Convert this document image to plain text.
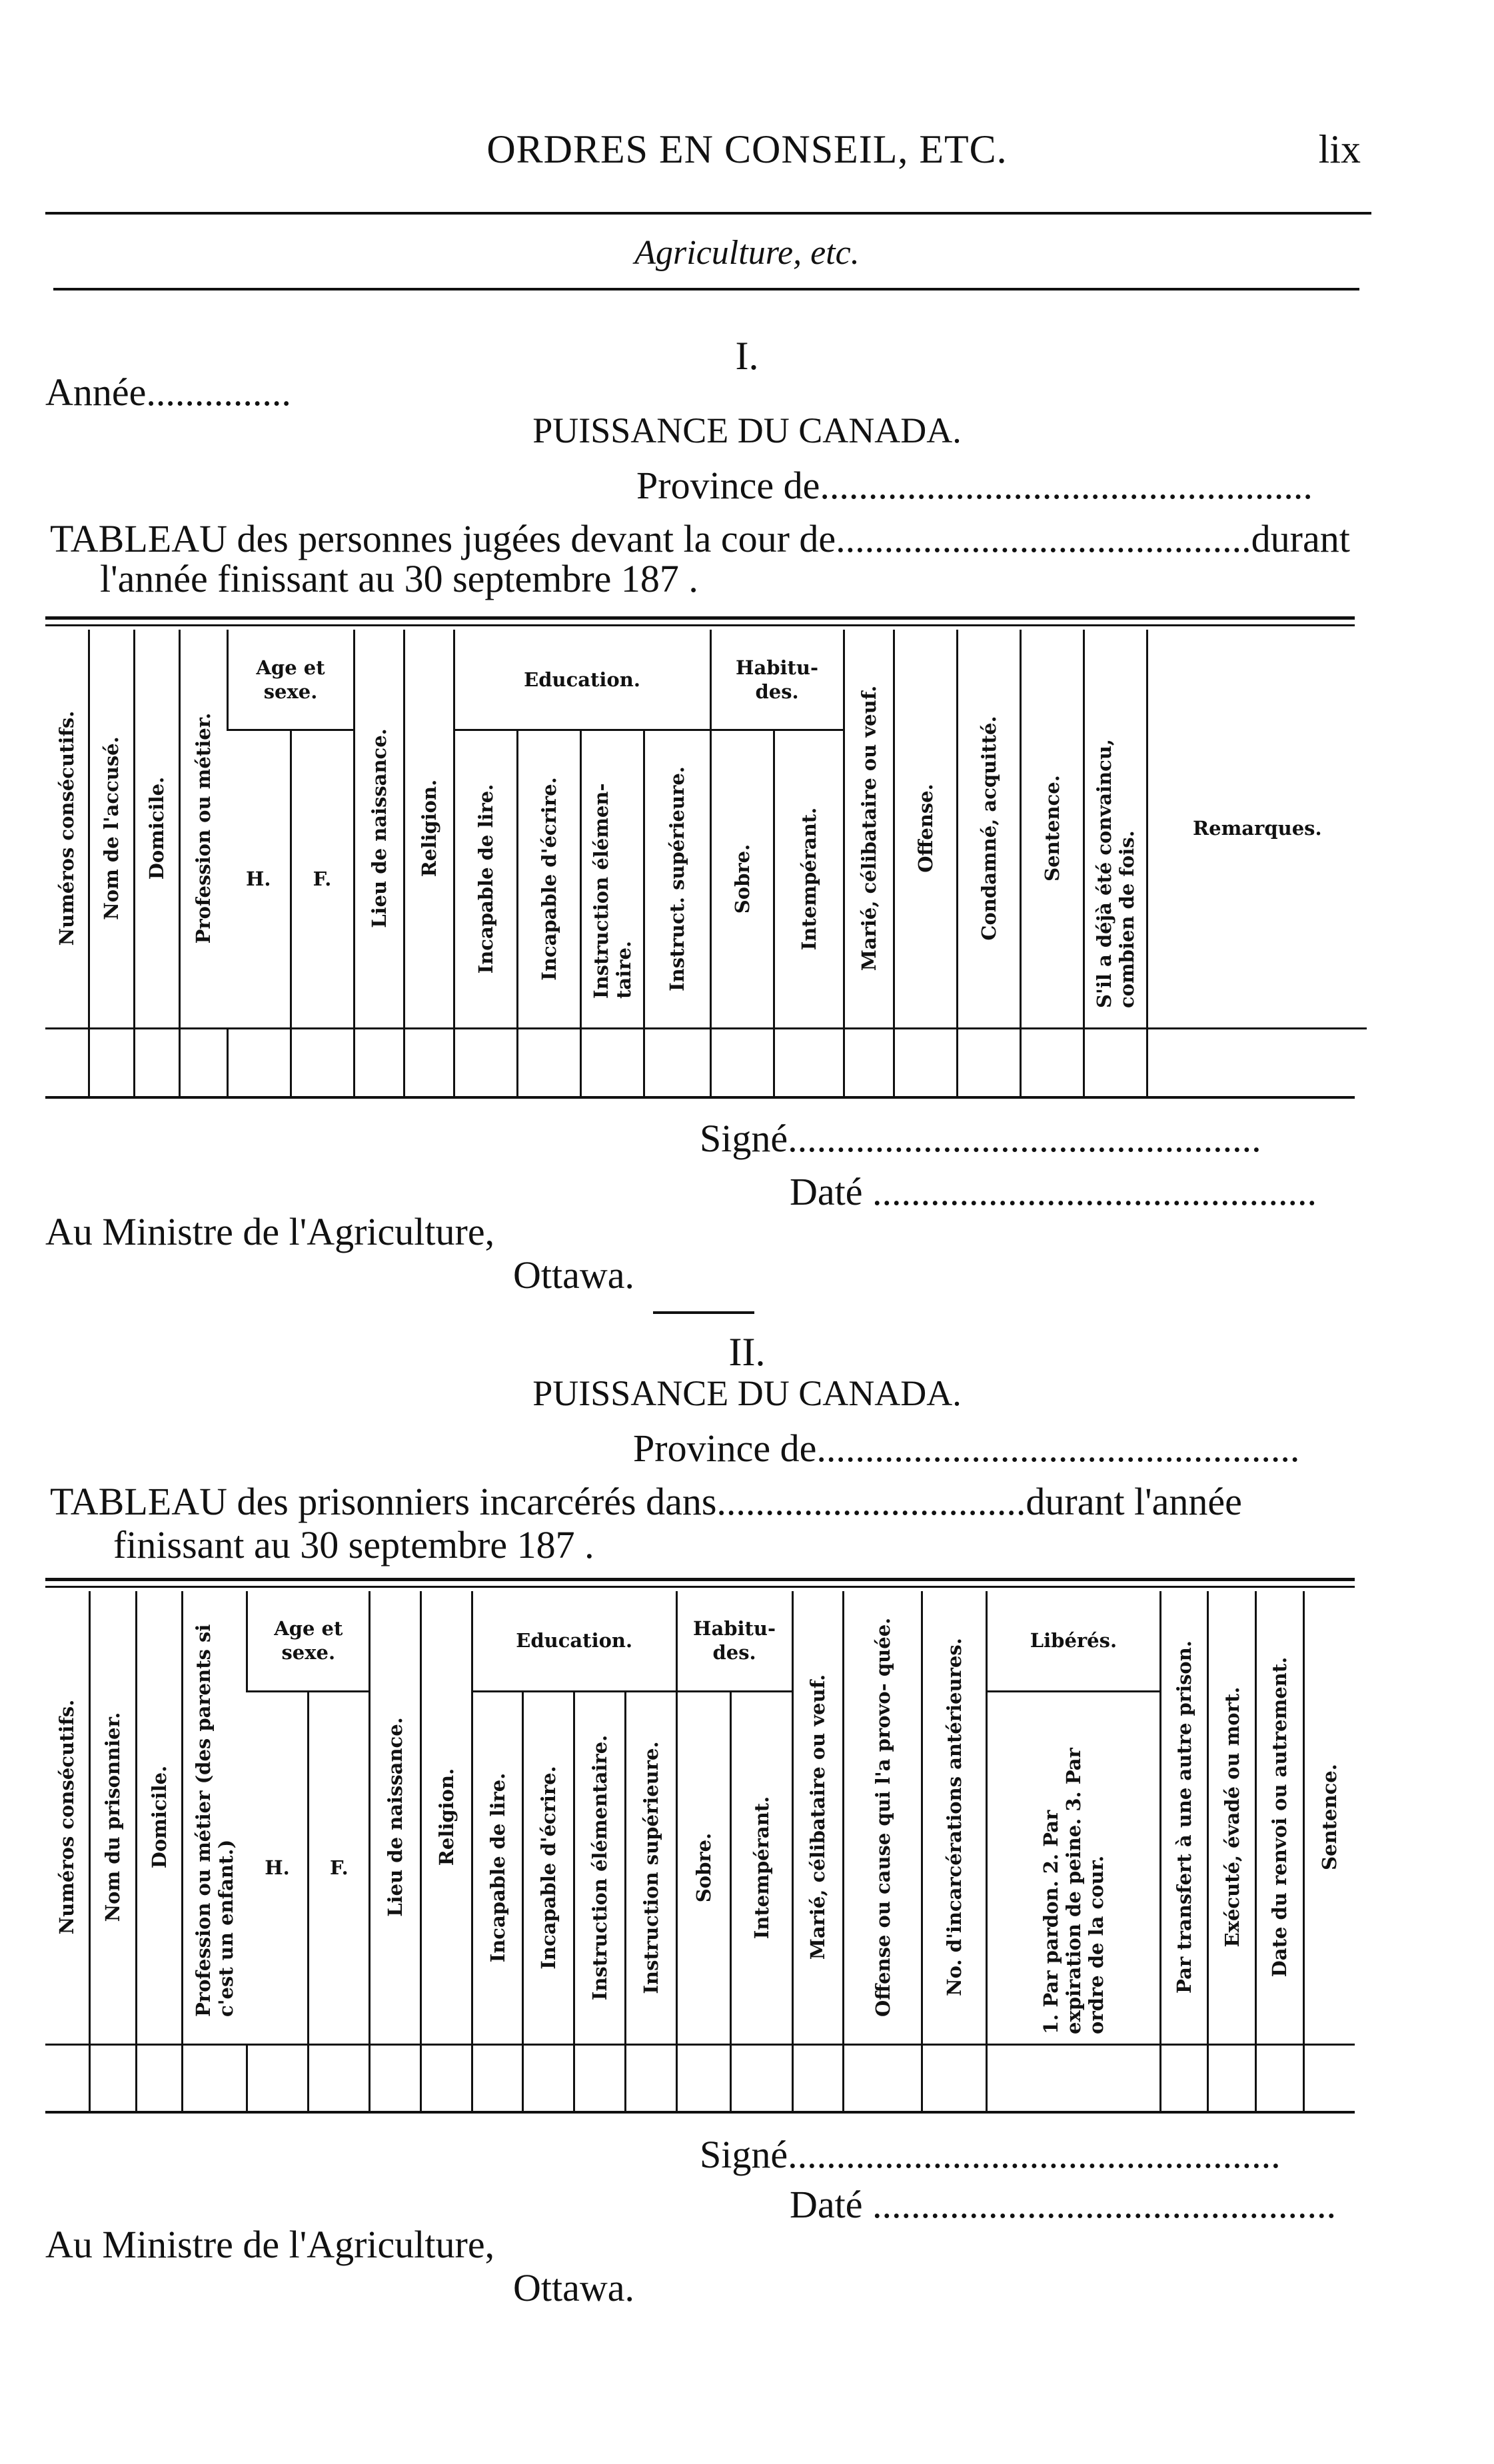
ORDRES EN CONSEIL, ETC.	lix
Agriculture, etc.
I.
Année...............
PUISSANCE DU CANADA.
Province de...................................................
TABLEAU des personnes jugées devant la cour de...........................................durant
l'année finissant au 30 septembre 187 .
Numéros consécutifs.	Nom de l'accusé.	Domicile.	Profession ou métier.	Age et sexe.		Lieu de naissance.	Religion.	Education.				Habitu- des.		Marié, célibataire ou veuf.	Offense.	Condamné, acquitté.	Sentence.	S'il a déjà été convaincu, combien de fois.	Remarques.
				H.	F.			Incapable de lire.	Incapable d'écrire.	Instruction élémen- taire.	Instruct. supérieure.	Sobre.	Intempérant.						

Signé.................................................
Daté ..............................................
Au Ministre de l'Agriculture,
Ottawa.
II.
PUISSANCE DU CANADA.
Province de..................................................
TABLEAU des prisonniers incarcérés dans................................durant l'année
finissant au 30 septembre 187 .
Numéros consécutifs.	Nom du prisonnier.	Domicile.	Profession ou métier (des parents si c'est un enfant.)	Age et sexe.		Lieu de naissance.	Religion.	Education.				Habitu- des.		Marié, célibataire ou veuf.	Offense ou cause qui l'a provo- quée.	No. d'incarcérations antérieures.	Libérés.	Par transfert à une autre prison.	Exécuté, évadé ou mort.	Date du renvoi ou autrement.	Sentence.

				H.	F.			Incapable de lire.	Incapable d'écrire.	Instruction élémentaire.	Instruction supérieure.	Sobre.	Intempérant.				1. Par pardon. 2. Par expiration de peine. 3. Par ordre de la cour.				

Signé...................................................
Daté ................................................
Au Ministre de l'Agriculture,
Ottawa.
